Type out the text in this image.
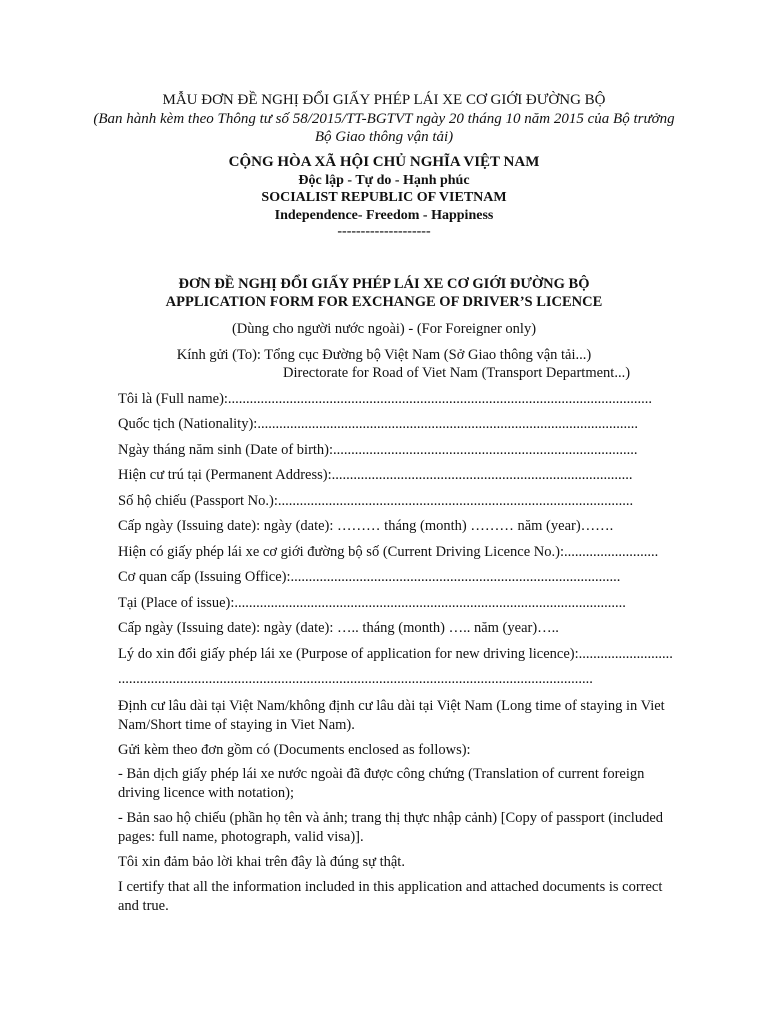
MẪU ĐƠN ĐỀ NGHỊ ĐỔI GIẤY PHÉP LÁI XE CƠ GIỚI ĐƯỜNG BỘ
(Ban hành kèm theo Thông tư số 58/2015/TT-BGTVT ngày 20 tháng 10 năm 2015 của Bộ trưởng
Bộ Giao thông vận tải)
CỘNG HÒA XÃ HỘI CHỦ NGHĨA VIỆT NAM
Độc lập - Tự do - Hạnh phúc
SOCIALIST REPUBLIC OF VIETNAM
Independence- Freedom - Happiness
--------------------
ĐƠN ĐỀ NGHỊ ĐỔI GIẤY PHÉP LÁI XE CƠ GIỚI ĐƯỜNG BỘ
APPLICATION FORM FOR EXCHANGE OF DRIVER’S LICENCE
(Dùng cho người nước ngoài) - (For Foreigner only)
Kính gửi (To): Tổng cục Đường bộ Việt Nam (Sở Giao thông vận tải...)
Directorate for Road of Viet Nam (Transport Department...)
Tôi là (Full name):.....................................................................................................................
Quốc tịch (Nationality):.........................................................................................................
Ngày tháng năm sinh (Date of birth):....................................................................................
Hiện cư trú tại (Permanent Address):...................................................................................
Số hộ chiếu (Passport No.):..................................................................................................
Cấp ngày (Issuing date): ngày (date): ……… tháng (month) ……… năm (year)…….
Hiện có giấy phép lái xe cơ giới đường bộ số (Current Driving Licence No.):..........................
Cơ quan cấp (Issuing Office):...........................................................................................
Tại (Place of issue):............................................................................................................
Cấp ngày (Issuing date): ngày (date): ….. tháng (month) ….. năm (year)…..
Lý do xin đổi giấy phép lái xe (Purpose of application for new driving licence):..........................
...................................................................................................................................
Định cư lâu dài tại Việt Nam/không định cư lâu dài tại Việt Nam (Long time of staying in Viet Nam/Short time of staying in Viet Nam).
Gửi kèm theo đơn gồm có (Documents enclosed as follows):
- Bản dịch giấy phép lái xe nước ngoài đã được công chứng (Translation of current foreign driving licence with notation);
- Bản sao hộ chiếu (phần họ tên và ảnh; trang thị thực nhập cảnh) [Copy of passport (included pages: full name, photograph, valid visa)].
Tôi xin đảm bảo lời khai trên đây là đúng sự thật.
I certify that all the information included in this application and attached documents is correct and true.
